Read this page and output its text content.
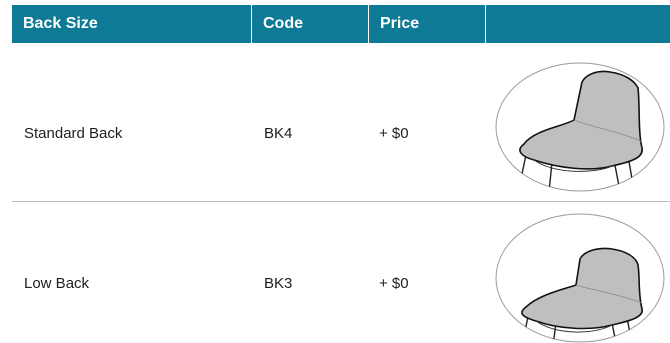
Back Size	Code	Price
Standard Back	BK4	+ $0
Low Back	BK3	+ $0
